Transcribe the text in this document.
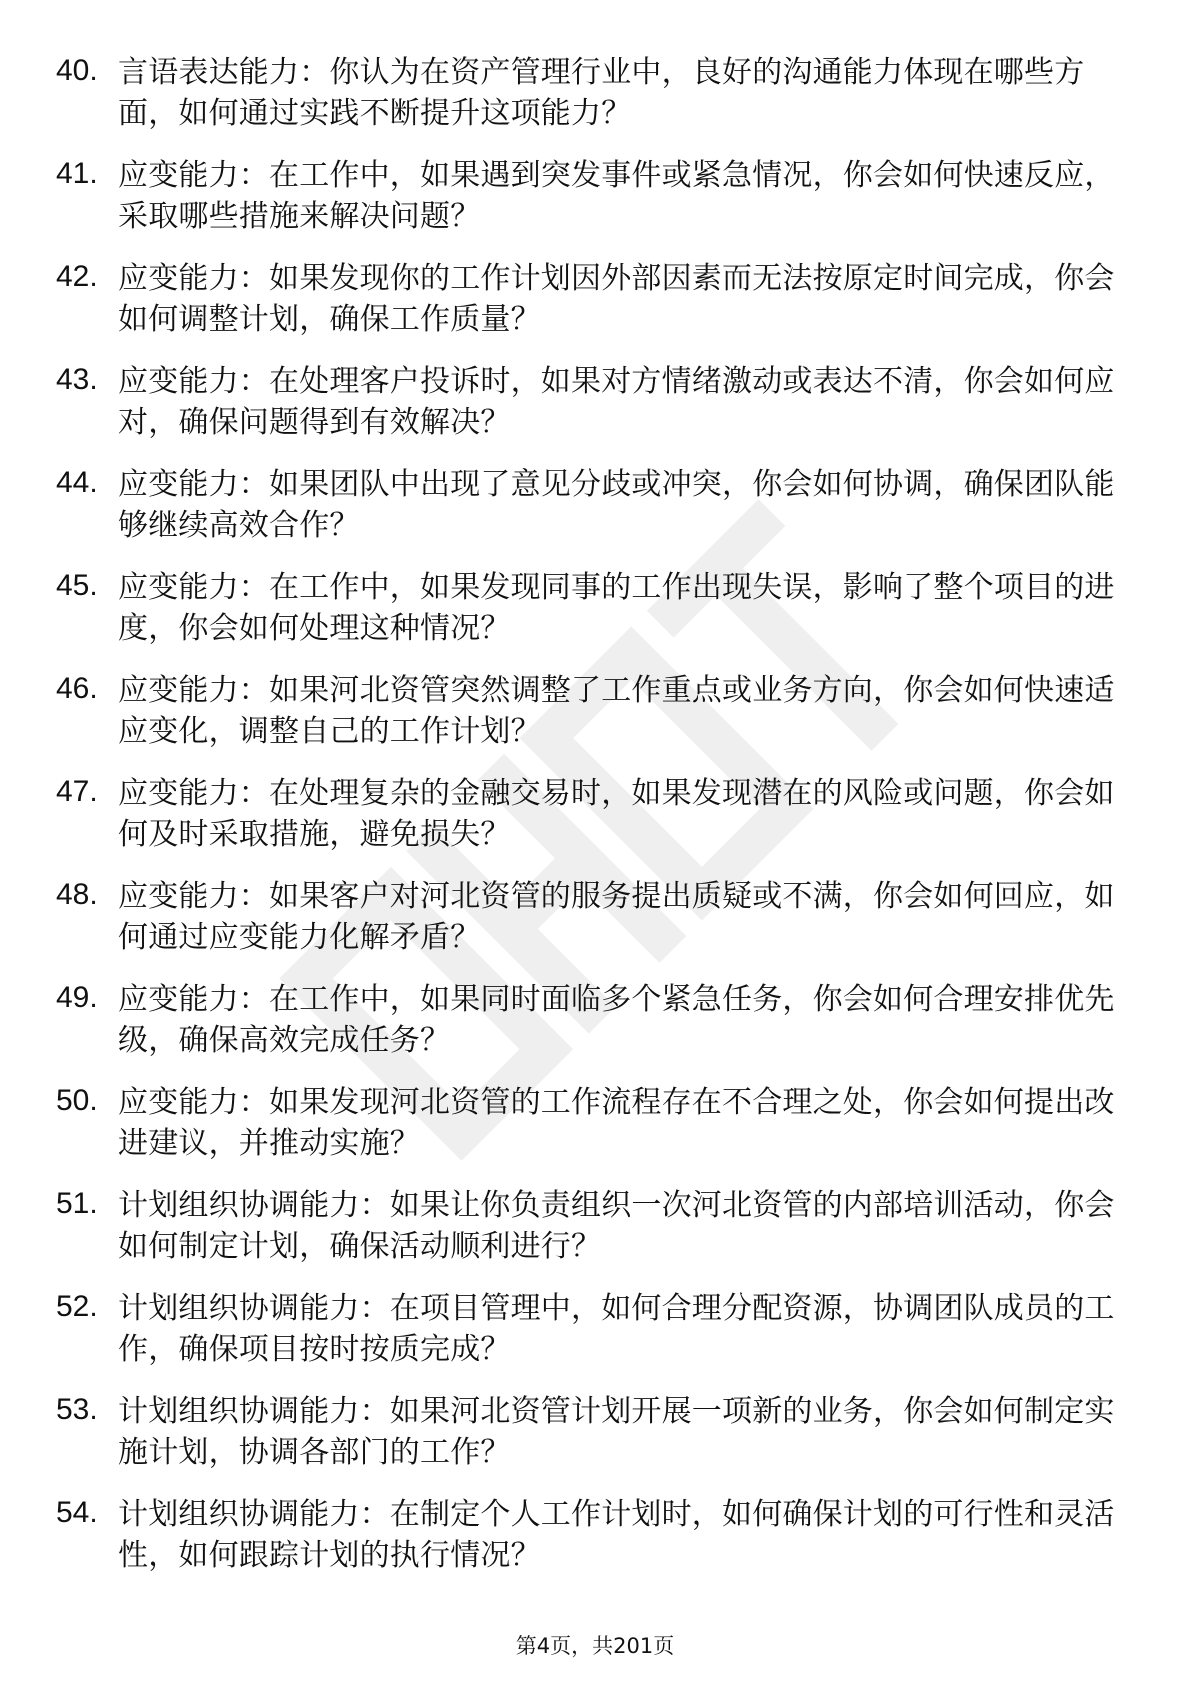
40. 言语表达能力：你认为在资产管理行业中，良好的沟通能力体现在哪些方面，如何通过实践不断提升这项能力？
41. 应变能力：在工作中，如果遇到突发事件或紧急情况，你会如何快速反应，采取哪些措施来解决问题？
42. 应变能力：如果发现你的工作计划因外部因素而无法按原定时间完成，你会如何调整计划，确保工作质量？
43. 应变能力：在处理客户投诉时，如果对方情绪激动或表达不清，你会如何应对，确保问题得到有效解决？
44. 应变能力：如果团队中出现了意见分歧或冲突，你会如何协调，确保团队能够继续高效合作？
45. 应变能力：在工作中，如果发现同事的工作出现失误，影响了整个项目的进度，你会如何处理这种情况？
46. 应变能力：如果河北资管突然调整了工作重点或业务方向，你会如何快速适应变化，调整自己的工作计划？
47. 应变能力：在处理复杂的金融交易时，如果发现潜在的风险或问题，你会如何及时采取措施，避免损失？
48. 应变能力：如果客户对河北资管的服务提出质疑或不满，你会如何回应，如何通过应变能力化解矛盾？
49. 应变能力：在工作中，如果同时面临多个紧急任务，你会如何合理安排优先级，确保高效完成任务？
50. 应变能力：如果发现河北资管的工作流程存在不合理之处，你会如何提出改进建议，并推动实施？
51. 计划组织协调能力：如果让你负责组织一次河北资管的内部培训活动，你会如何制定计划，确保活动顺利进行？
52. 计划组织协调能力：在项目管理中，如何合理分配资源，协调团队成员的工作，确保项目按时按质完成？
53. 计划组织协调能力：如果河北资管计划开展一项新的业务，你会如何制定实施计划，协调各部门的工作？
54. 计划组织协调能力：在制定个人工作计划时，如何确保计划的可行性和灵活性，如何跟踪计划的执行情况？
第4页，共201页
